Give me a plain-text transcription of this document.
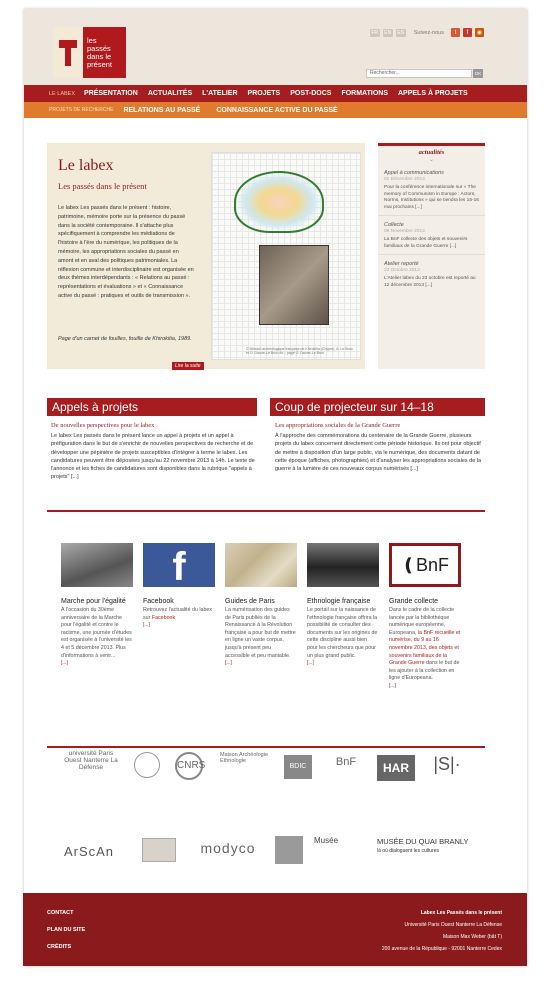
les
passés
dans le
présent
FR	EN	ES	Suivez-nous	t	f	◉
Rechercher...	OK
LE LABEX PRÉSENTATION ACTUALITÉS L'ATELIER PROJETS POST-DOCS FORMATIONS APPELS À PROJETS
PROJETS DE RECHERCHE RELATIONS AU PASSÉ CONNAISSANCE ACTIVE DU PASSÉ
Le labex
Les passés dans le présent
Le labex Les passés dans le présent : histoire, patrimoine, mémoire porte sur la présence du passé dans la société contemporaine. Il s'attache plus spécifiquement à comprendre les médiations de l'histoire à l'ère du numérique, les politiques de la mémoire, les appropriations sociales du passé en amont et en aval des politiques patrimoniales. La réflexion commune et interdisciplinaire est organisée en deux thèmes interdépendants : « Relations au passé : représentations et évaluations » et « Connaissance active du passé : pratiques et outils de transmission ».
Page d'un carnet de fouilles, fouille de Khirokitia, 1989.
Lire la suite
© Mission archéologique française de Khirokitia (Chypre). A. Le Brun et O. Daune-Le Brun dir. ; page O. Daune-Le Brun
actualités
⌄
Appel à communications
01 Décembre 2013
Pour la conférence internationale sur « The memory of Communism in Europe : Actors, Norms, Institutions » qui se tiendra les 15-16 mai prochains [...]
Collecte
09 Novembre 2013
La BnF collecte des objets et souvenirs familiaux de la Grande Guerre [...]
Atelier reporté
23 Octobre 2013
L'Atelier labex du 23 octobre est reporté au 12 décembre 2013 [...]
Appels à projets
De nouvelles perspectives pour le labex
Le labex Les passés dans le présent lance un appel à projets et un appel à préfiguration dans le but de s'enrichir de nouvelles perspectives de recherche et de développer une pépinière de projets susceptibles d'intégrer à terme le labex. Les candidatures peuvent être déposées jusqu'au 22 novembre 2013 à 14h. Le texte de l'annonce et les fiches de candidatures sont disponibles dans la rubrique "appels à projets" [...]
Coup de projecteur sur 14–18
Les appropriations sociales de la Grande Guerre
À l'approche des commémorations du centenaire de la Grande Guerre, plusieurs projets du labex concernent directement cette période historique. Ils ont pour objectif de mettre à disposition d'un large public, via le numérique, des documents datant de cette époque (affiches, photographies) et d'analyser les appropriations sociales de la guerre à la lumière de ces nouveaux corpus numérisés [...]
Marche pour l'égalité
À l'occasion du 30ème anniversaire de la Marche pour l'égalité et contre le racisme, une journée d'études est organisée à l'université les 4 et 5 décembre 2013. Plus d'informations à venir...
[...]
f
Facebook
Retrouvez l'actualité du labex sur Facebook
[...]
Guides de Paris
La numérisation des guides de Paris publiés de la Renaissance à la Révolution française a pour but de mettre en ligne un vaste corpus, jusqu'à présent peu accessible et peu maniable.
[...]
Ethnologie française
Le portail sur la naissance de l'ethnologie française offrira la possibilité de consulter des documents sur les origines de cette discipline aussi bien pour les chercheurs que pour un plus grand public.
[...]
❪BnF
Grande collecte
Dans le cadre de la collecte lancée par la bibliothèque numérique européenne, Europeana, la BnF recueille et numérise, du 9 au 16 novembre 2013, des objets et souvenirs familiaux de la Grande Guerre dans le but de les ajouter à la collection en ligne d'Europeana.
[...]
université Paris Ouest Nanterre La Défense	CNRS
Maison Archéologie Ethnologie
BDIC	BnF	HAR	|S|·
ArScAn	modyco	Musée	MUSÉE DU QUAI BRANLY
là où dialoguent les cultures
CONTACT
PLAN DU SITE
CRÉDITS
Labex Les Passés dans le présent
Université Paris Ouest Nanterre La Défense
Maison Max Weber (bât T)
200 avenue de la République - 92001 Nanterre Cedex
